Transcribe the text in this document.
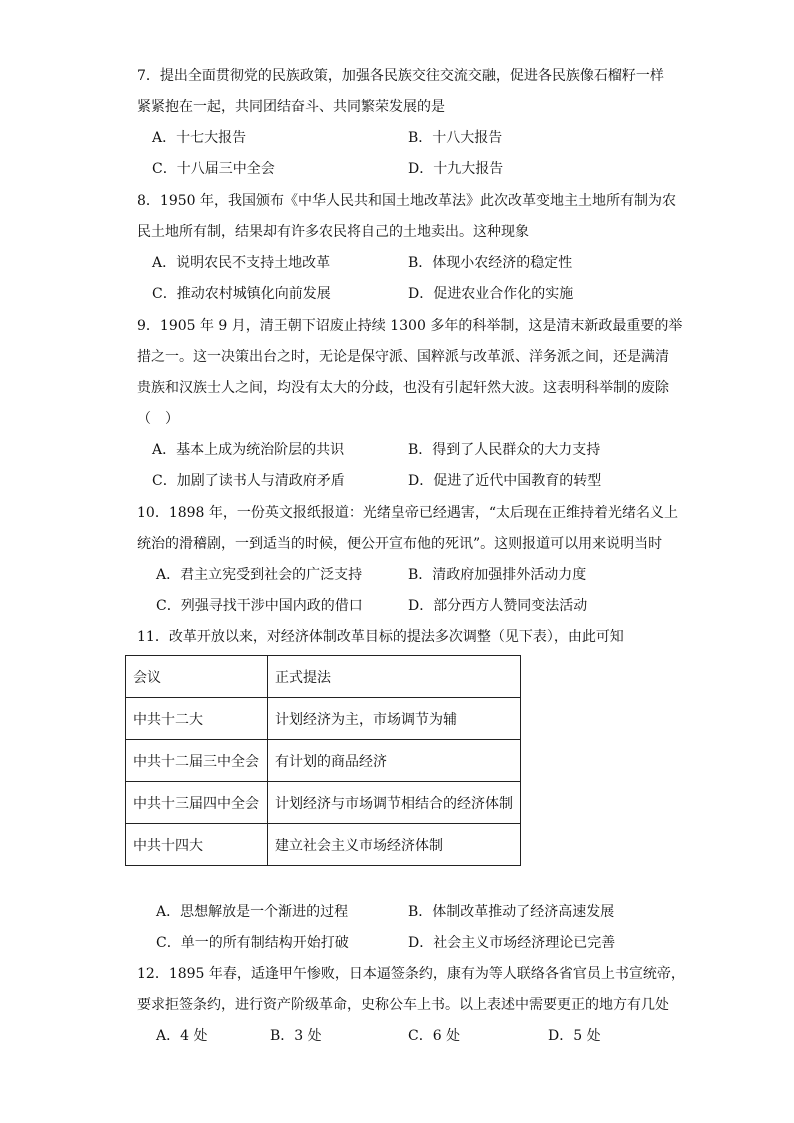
7．提出全面贯彻党的民族政策，加强各民族交往交流交融，促进各民族像石榴籽一样
紧紧抱在一起，共同团结奋斗、共同繁荣发展的是
A．十七大报告	B．十八大报告
C．十八届三中全会	D．十九大报告
8．1950 年，我国颁布《中华人民共和国土地改革法》此次改革变地主土地所有制为农
民土地所有制，结果却有许多农民将自己的土地卖出。这种现象
A．说明农民不支持土地改革	B．体现小农经济的稳定性
C．推动农村城镇化向前发展	D．促进农业合作化的实施
9．1905 年 9 月，清王朝下诏废止持续 1300 多年的科举制，这是清末新政最重要的举
措之一。这一决策出台之时，无论是保守派、国粹派与改革派、洋务派之间，还是满清
贵族和汉族士人之间，均没有太大的分歧，也没有引起轩然大波。这表明科举制的废除
（　）
A．基本上成为统治阶层的共识	B．得到了人民群众的大力支持
C．加剧了读书人与清政府矛盾	D．促进了近代中国教育的转型
10．1898 年，一份英文报纸报道：光绪皇帝已经遇害，“太后现在正维持着光绪名义上
统治的滑稽剧，一到适当的时候，便公开宣布他的死讯”。这则报道可以用来说明当时
A．君主立宪受到社会的广泛支持	B．清政府加强排外活动力度
C．列强寻找干涉中国内政的借口	D．部分西方人赞同变法活动
11．改革开放以来，对经济体制改革目标的提法多次调整（见下表），由此可知
会议	正式提法
中共十二大	计划经济为主，市场调节为辅
中共十二届三中全会	有计划的商品经济
中共十三届四中全会	计划经济与市场调节相结合的经济体制
中共十四大	建立社会主义市场经济体制
A．思想解放是一个渐进的过程	B．体制改革推动了经济高速发展
C．单一的所有制结构开始打破	D．社会主义市场经济理论已完善
12．1895 年春，适逢甲午惨败，日本逼签条约，康有为等人联络各省官员上书宣统帝，
要求拒签条约，进行资产阶级革命，史称公车上书。以上表述中需要更正的地方有几处
A．4 处	B．3 处	C．6 处	D．5 处
